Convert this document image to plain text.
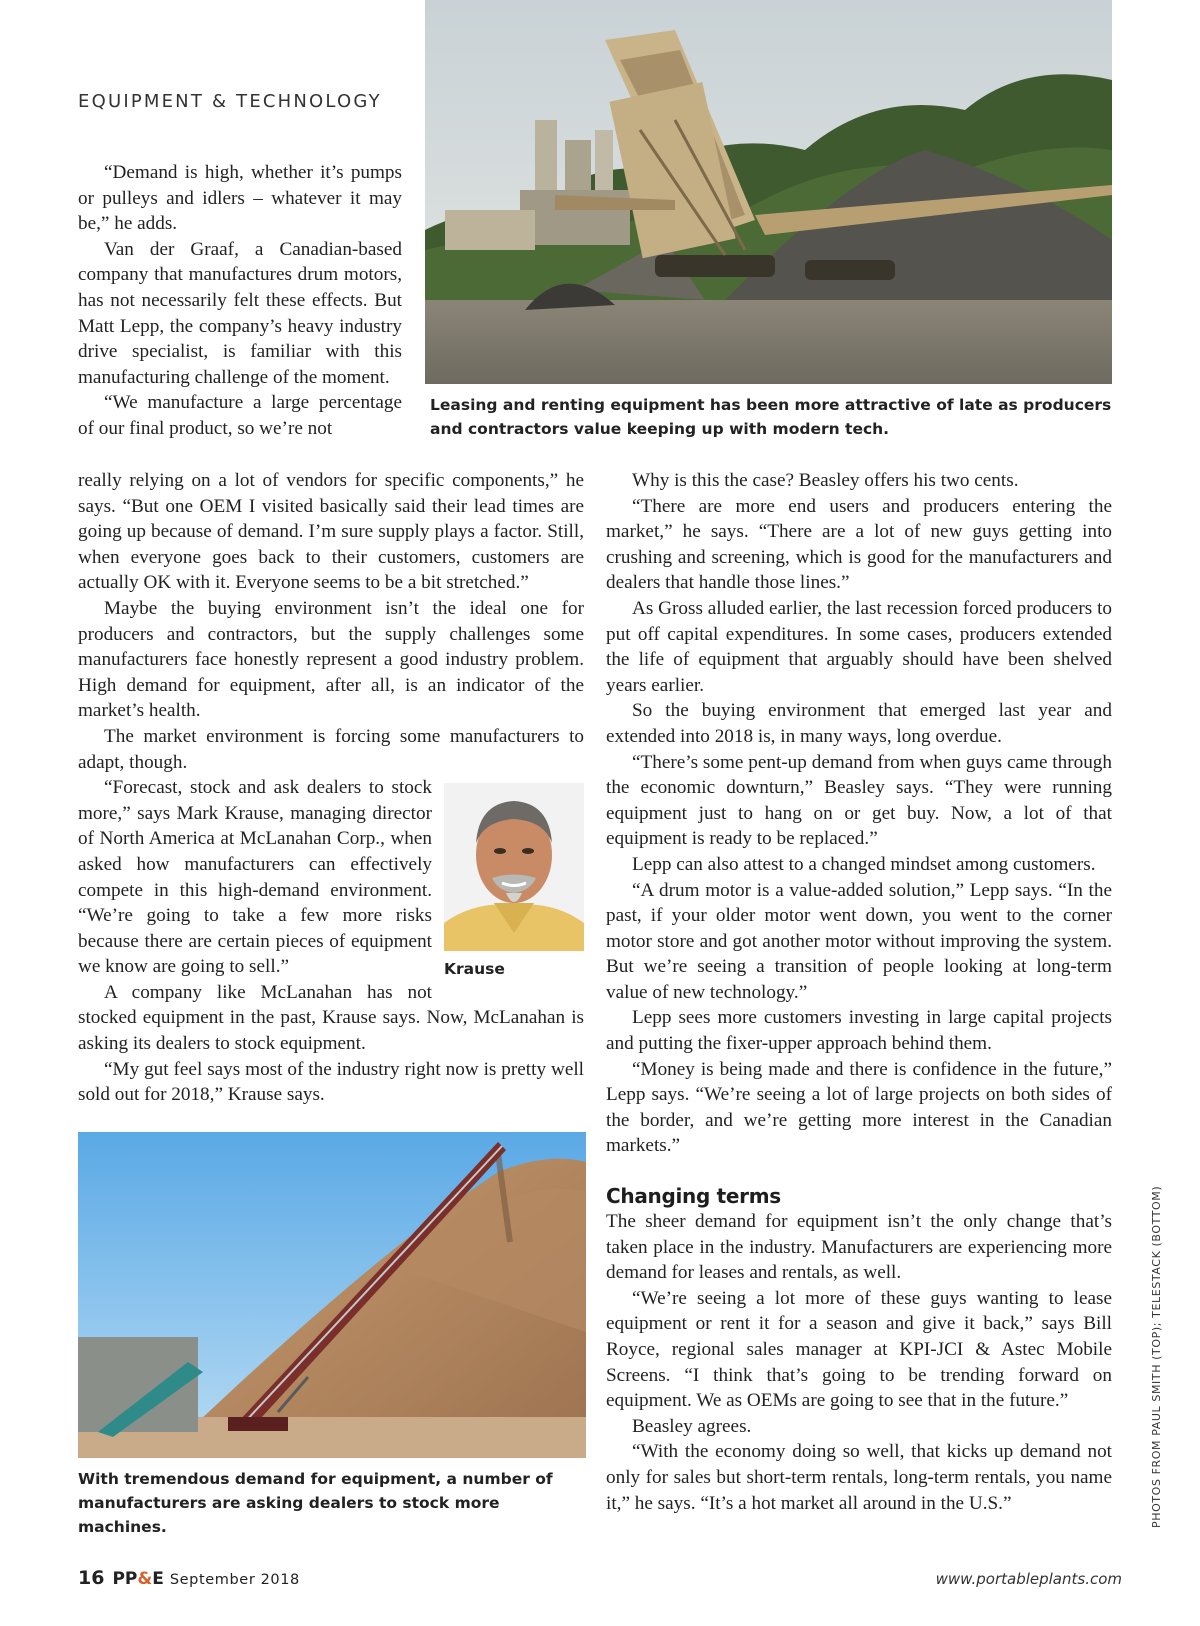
EQUIPMENT & TECHNOLOGY
Leasing and renting equipment has been more attractive of late as producers and contractors value keeping up with modern tech.

“Demand is high, whether it’s pumps or pulleys and idlers – whatever it may be,” he adds.

Van der Graaf, a Canadian-based company that manufactures drum motors, has not necessarily felt these effects. But Matt Lepp, the company’s heavy industry drive specialist, is familiar with this manufacturing challenge of the moment.

“We manufacture a large percentage of our final product, so we’re not

really relying on a lot of vendors for specific components,” he says. “But one OEM I visited basically said their lead times are going up because of demand. I’m sure supply plays a factor. Still, when everyone goes back to their customers, customers are actually OK with it. Everyone seems to be a bit stretched.”

Maybe the buying environment isn’t the ideal one for producers and contractors, but the supply challenges some manufacturers face honestly represent a good industry problem. High demand for equipment, after all, is an indicator of the market’s health.

The market environment is forcing some manufacturers to adapt, though.

Krause

“Forecast, stock and ask dealers to stock more,” says Mark Krause, managing director of North America at McLanahan Corp., when asked how manufacturers can effectively compete in this high-demand environment. “We’re going to take a few more risks because there are certain pieces of equipment we know are going to sell.”

A company like McLanahan has not stocked equipment in the past, Krause says. Now, McLanahan is asking its dealers to stock equipment.

“My gut feel says most of the industry right now is pretty well sold out for 2018,” Krause says.

With tremendous demand for equipment, a number of manufacturers are asking dealers to stock more machines.

Why is this the case? Beasley offers his two cents.

“There are more end users and producers entering the market,” he says. “There are a lot of new guys getting into crushing and screening, which is good for the manufacturers and dealers that handle those lines.”

As Gross alluded earlier, the last recession forced producers to put off capital expenditures. In some cases, producers extended the life of equipment that arguably should have been shelved years earlier.

So the buying environment that emerged last year and extended into 2018 is, in many ways, long overdue.

“There’s some pent-up demand from when guys came through the economic downturn,” Beasley says. “They were running equipment just to hang on or get buy. Now, a lot of that equipment is ready to be replaced.”

Lepp can also attest to a changed mindset among customers.

“A drum motor is a value-added solution,” Lepp says. “In the past, if your older motor went down, you went to the corner motor store and got another motor without improving the system. But we’re seeing a transition of people looking at long-term value of new technology.”

Lepp sees more customers investing in large capital projects and putting the fixer-upper approach behind them.

“Money is being made and there is confidence in the future,” Lepp says. “We’re seeing a lot of large projects on both sides of the border, and we’re getting more interest in the Canadian markets.”

Changing terms

The sheer demand for equipment isn’t the only change that’s taken place in the industry. Manufacturers are experiencing more demand for leases and rentals, as well.

“We’re seeing a lot more of these guys wanting to lease equipment or rent it for a season and give it back,” says Bill Royce, regional sales manager at KPI-JCI & Astec Mobile Screens. “I think that’s going to be trending forward on equipment. We as OEMs are going to see that in the future.”

Beasley agrees.

“With the economy doing so well, that kicks up demand not only for sales but short-term rentals, long-term rentals, you name it,” he says. “It’s a hot market all around in the U.S.”	PHOTOS FROM PAUL SMITH (TOP); TELESTACK (BOTTOM)
16 PP&E September 2018	www.portableplants.com
